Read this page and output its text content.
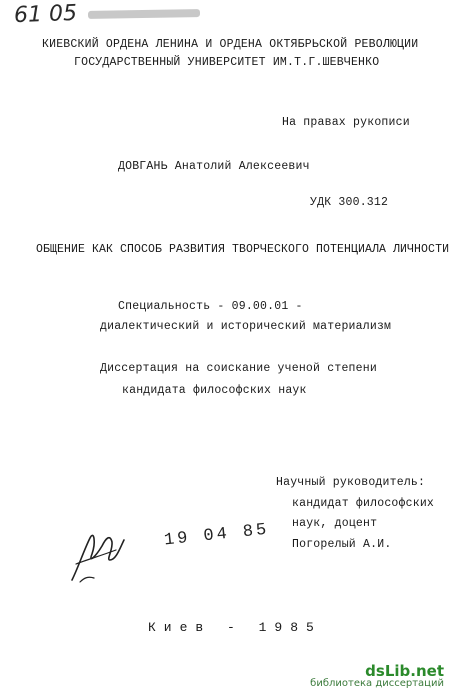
61 05
КИЕВСКИЙ ОРДЕНА ЛЕНИНА И ОРДЕНА ОКТЯБРЬСКОЙ РЕВОЛЮЦИИ
ГОСУДАРСТВЕННЫЙ УНИВЕРСИТЕТ ИМ.Т.Г.ШЕВЧЕНКО
На правах рукописи
ДОВГАНЬ Анатолий Алексеевич
УДК 300.312
ОБЩЕНИЕ КАК СПОСОБ РАЗВИТИЯ ТВОРЧЕСКОГО ПОТЕНЦИАЛА ЛИЧНОСТИ
Специальность - 09.00.01 -
диалектический и исторический материализм
Диссертация на соискание ученой степени
кандидата философских наук
Научный руководитель:
кандидат философских
наук, доцент
Погорелый А.И.
19 04 85
Киев - 1985
dsLib.net
библиотека диссертаций
